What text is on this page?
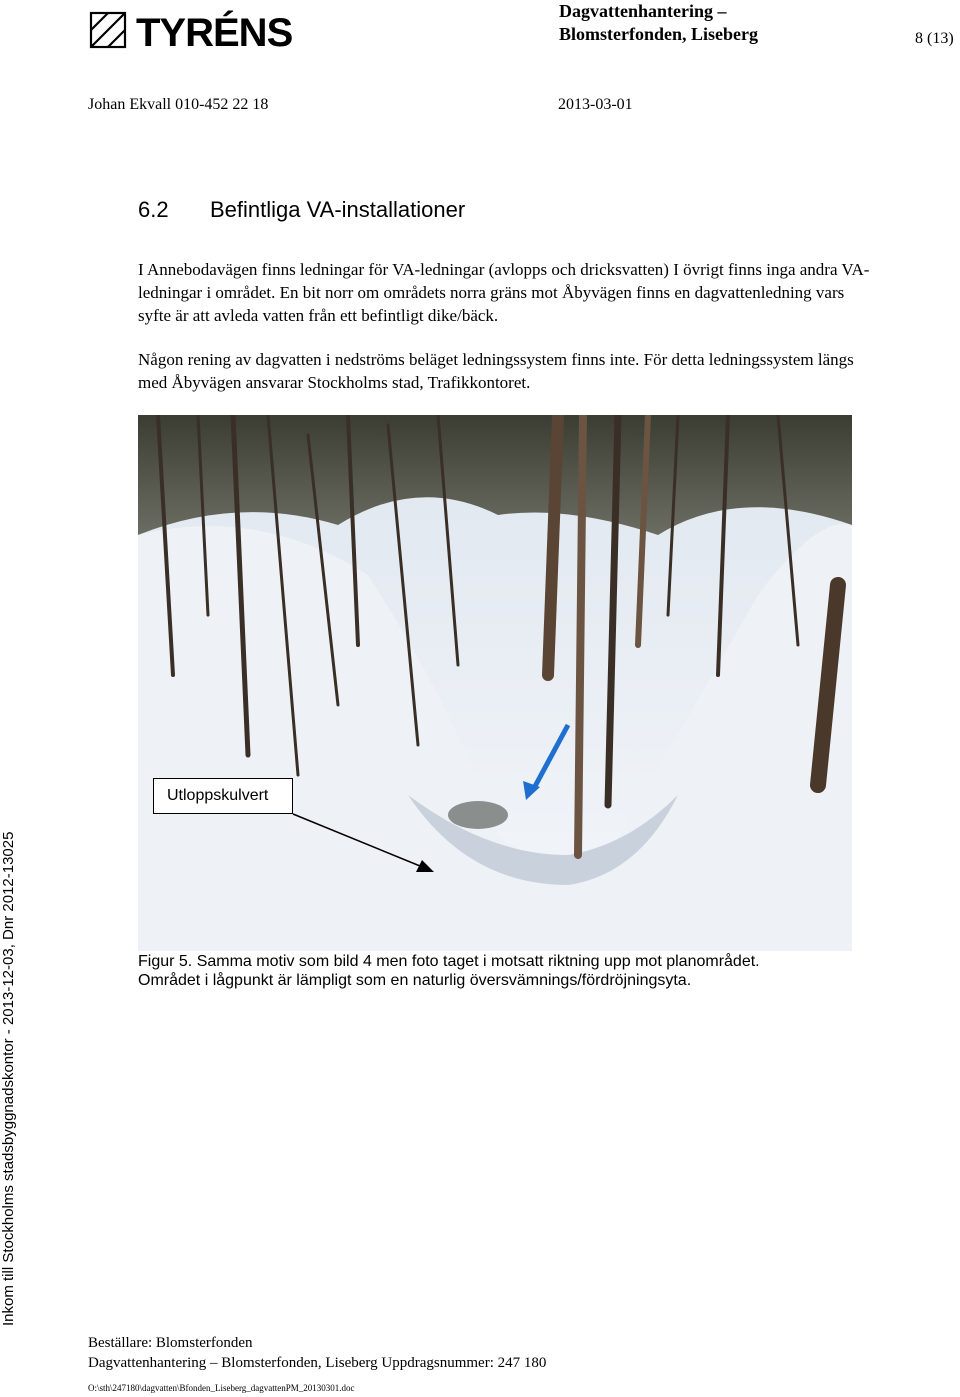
TYRÉNS	Dagvattenhantering –
Blomsterfonden, Liseberg	8 (13)
Johan Ekvall 010-452 22 18	2013-03-01
6.2 Befintliga VA-installationer

I Annebodavägen finns ledningar för VA-ledningar (avlopps och dricksvatten) I övrigt finns inga andra VA-ledningar i området. En bit norr om områdets norra gräns mot Åbyvägen finns en dagvattenledning vars syfte är att avleda vatten från ett befintligt dike/bäck.

Någon rening av dagvatten i nedströms beläget ledningssystem finns inte. För detta ledningssystem längs med Åbyvägen ansvarar Stockholms stad, Trafikkontoret.

Utloppskulvert

Figur 5. Samma motiv som bild 4 men foto taget i motsatt riktning upp mot planområdet.

Området i lågpunkt är lämpligt som en naturlig översvämnings/fördröjningsyta.

Inkom till Stockholms stadsbyggnadskontor - 2013-12-03, Dnr 2012-13025

Beställare: Blomsterfonden

Dagvattenhantering – Blomsterfonden, Liseberg Uppdragsnummer: 247 180

O:\sth\247180\dagvatten\Bfonden_Liseberg_dagvattenPM_20130301.doc
